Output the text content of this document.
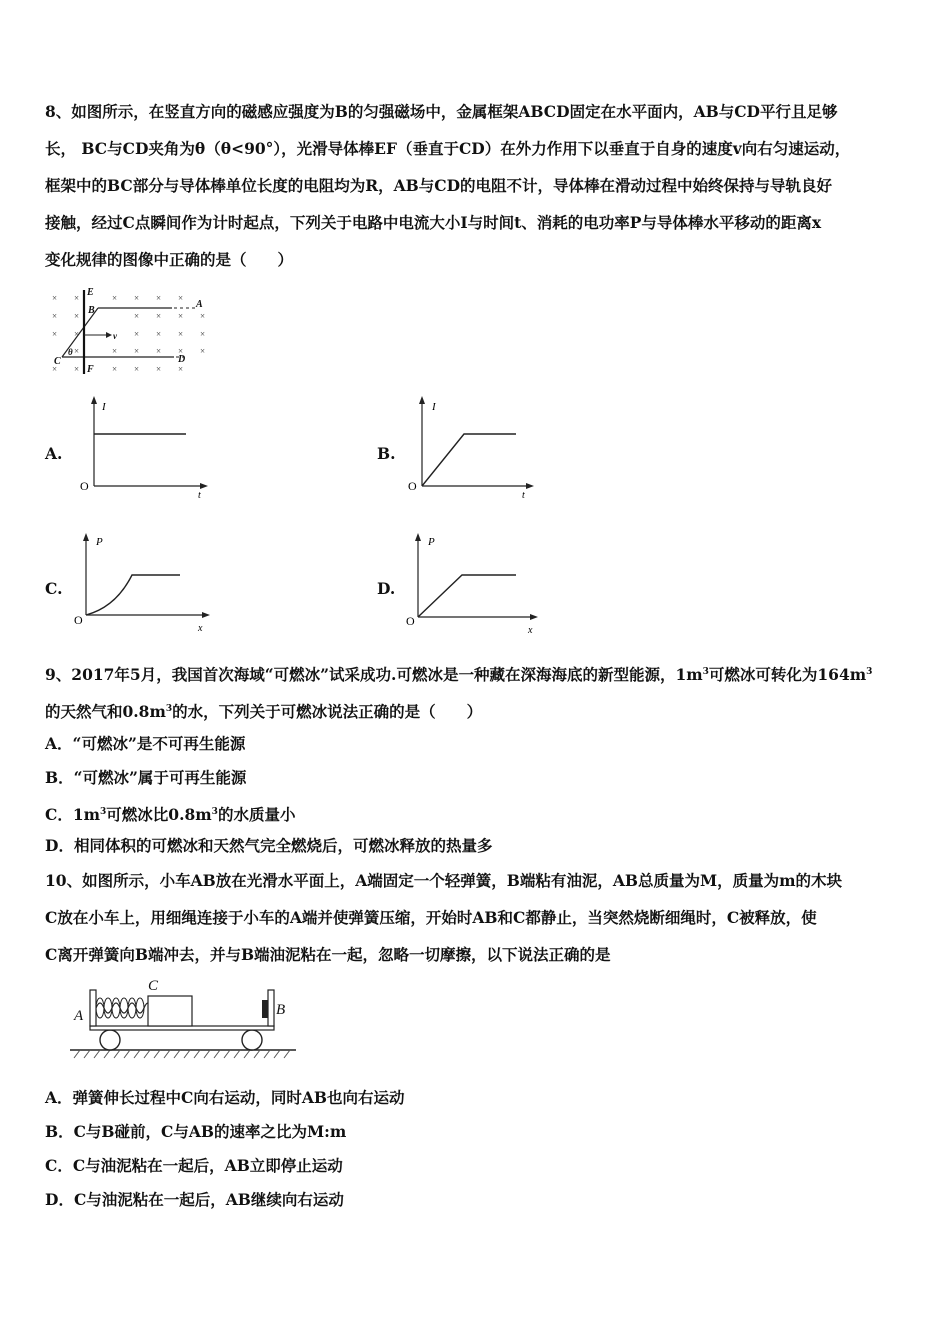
8、如图所示，在竖直方向的磁感应强度为B的匀强磁场中，金属框架ABCD固定在水平面内，AB与CD平行且足够
长， BC与CD夹角为θ（θ<90°），光滑导体棒EF（垂直于CD）在外力作用下以垂直于自身的速度v向右匀速运动，
框架中的BC部分与导体棒单位长度的电阻均为R，AB与CD的电阻不计，导体棒在滑动过程中始终保持与导轨良好
接触，经过C点瞬间作为计时起点，下列关于电路中电流大小I与时间t、消耗的电功率P与导体棒水平移动的距离x
变化规律的图像中正确的是（　　）
× ×	× × × ×
× ×	× × × ×
× ×	× × × ×
×	× × × × ×
× ×	× × × ×
E
B
A
C	D
F
θ
v
A.
I
t
O
B.
I
t
O
C.
P
x
O
D.
P
x
O
9、2017年5月，我国首次海域“可燃冰”试采成功.可燃冰是一种藏在深海海底的新型能源，$1m^3$可燃冰可转化为$164m^3$
的天然气和$0.8m^3$的水，下列关于可燃冰说法正确的是（　　）
A．“可燃冰”是不可再生能源
B．“可燃冰”属于可再生能源
C．$1m^3$可燃冰比$0.8m^3$的水质量小
D．相同体积的可燃冰和天然气完全燃烧后，可燃冰释放的热量多
10、如图所示，小车AB放在光滑水平面上，A端固定一个轻弹簧，B端粘有油泥，AB总质量为M，质量为m的木块
C放在小车上，用细绳连接于小车的A端并使弹簧压缩，开始时AB和C都静止，当突然烧断细绳时，C被释放，使
C离开弹簧向B端冲去，并与B端油泥粘在一起，忽略一切摩擦，以下说法正确的是
A
C
B
A．弹簧伸长过程中C向右运动，同时AB也向右运动
B．C与B碰前，C与AB的速率之比为M:m
C．C与油泥粘在一起后，AB立即停止运动
D．C与油泥粘在一起后，AB继续向右运动
